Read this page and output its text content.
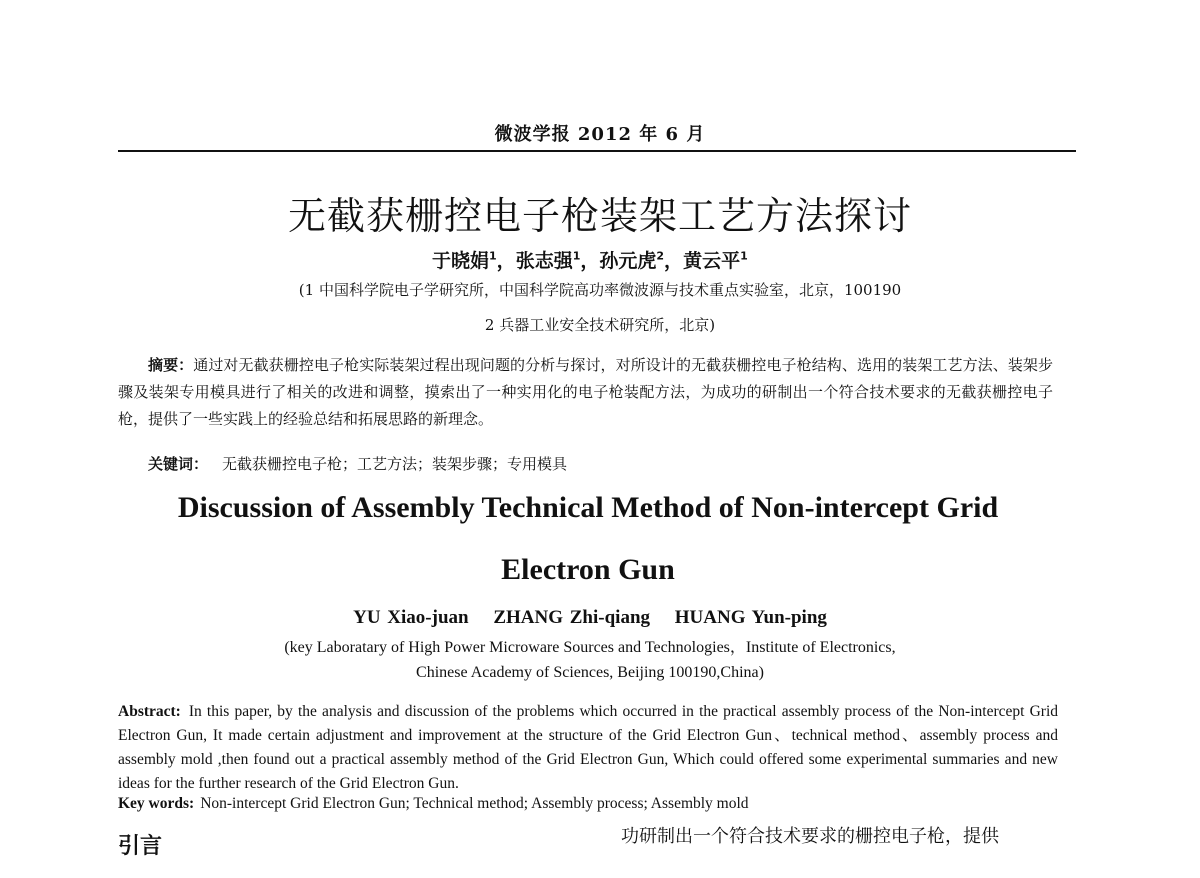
微波学报 2012 年 6 月
无截获栅控电子枪装架工艺方法探讨
于晓娟$^1$，张志强$^1$，孙元虎$^2$，黄云平$^1$
(1 中国科学院电子学研究所，中国科学院高功率微波源与技术重点实验室，北京，100190
2 兵器工业安全技术研究所，北京)
摘要：通过对无截获栅控电子枪实际装架过程出现问题的分析与探讨，对所设计的无截获栅控电子枪结构、选用的装架工艺方法、装架步骤及装架专用模具进行了相关的改进和调整，摸索出了一种实用化的电子枪装配方法，为成功的研制出一个符合技术要求的无截获栅控电子枪，提供了一些实践上的经验总结和拓展思路的新理念。
关键词： 无截获栅控电子枪；工艺方法；装架步骤；专用模具
Discussion of Assembly Technical Method of Non-intercept Grid
Electron Gun
YU Xiao-juan ZHANG Zhi-qiang HUANG Yun-ping
(key Laboratary of High Power Microware Sources and Technologies，Institute of Electronics,
Chinese Academy of Sciences, Beijing 100190,China)
Abstract: In this paper, by the analysis and discussion of the problems which occurred in the practical assembly process of the Non-intercept Grid Electron Gun, It made certain adjustment and improvement at the structure of the Grid Electron Gun、technical method、assembly process and assembly mold ,then found out a practical assembly method of the Grid Electron Gun, Which could offered some experimental summaries and new ideas for the further research of the Grid Electron Gun.
Key words: Non-intercept Grid Electron Gun; Technical method; Assembly process; Assembly mold
引言	功研制出一个符合技术要求的栅控电子枪，提供
